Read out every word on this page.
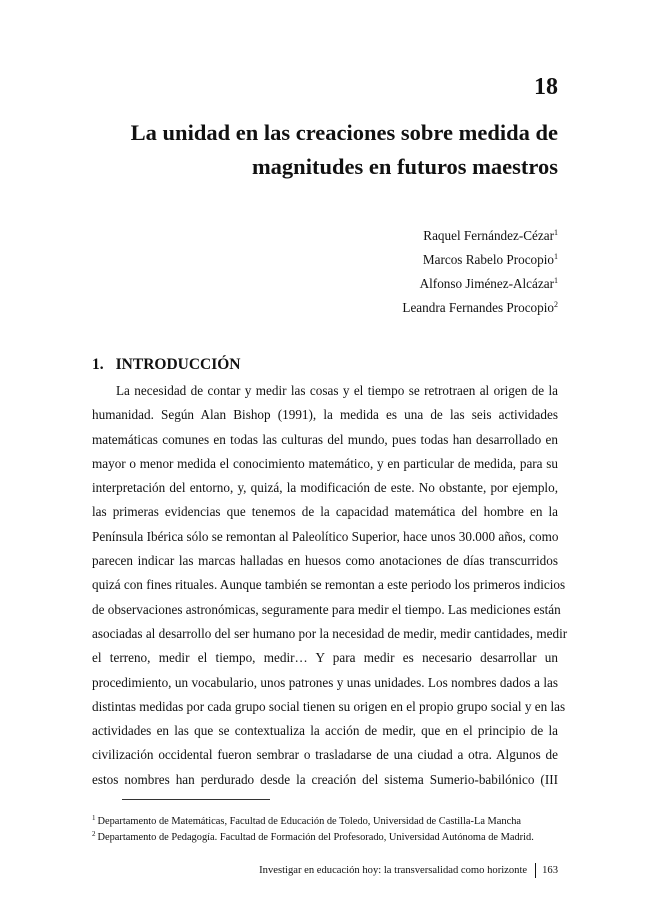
18
La unidad en las creaciones sobre medida de
magnitudes en futuros maestros
Raquel Fernández-Cézar$^1$
Marcos Rabelo Procopio$^1$
Alfonso Jiménez-Alcázar$^1$
Leandra Fernandes Procopio$^2$
1. INTRODUCCIÓN
La necesidad de contar y medir las cosas y el tiempo se retrotraen al origen de la
humanidad. Según Alan Bishop (1991), la medida es una de las seis actividades
matemáticas comunes en todas las culturas del mundo, pues todas han desarrollado en
mayor o menor medida el conocimiento matemático, y en particular de medida, para su
interpretación del entorno, y, quizá, la modificación de este. No obstante, por ejemplo,
las primeras evidencias que tenemos de la capacidad matemática del hombre en la
Península Ibérica sólo se remontan al Paleolítico Superior, hace unos 30.000 años, como
parecen indicar las marcas halladas en huesos como anotaciones de días transcurridos
quizá con fines rituales. Aunque también se remontan a este periodo los primeros indicios
de observaciones astronómicas, seguramente para medir el tiempo. Las mediciones están
asociadas al desarrollo del ser humano por la necesidad de medir, medir cantidades, medir
el terreno, medir el tiempo, medir… Y para medir es necesario desarrollar un
procedimiento, un vocabulario, unos patrones y unas unidades. Los nombres dados a las
distintas medidas por cada grupo social tienen su origen en el propio grupo social y en las
actividades en las que se contextualiza la acción de medir, que en el principio de la
civilización occidental fueron sembrar o trasladarse de una ciudad a otra. Algunos de
estos nombres han perdurado desde la creación del sistema Sumerio-babilónico (III
$^1$ Departamento de Matemáticas, Facultad de Educación de Toledo, Universidad de Castilla-La Mancha
$^2$ Departamento de Pedagogía. Facultad de Formación del Profesorado, Universidad Autónoma de Madrid.
Investigar en educación hoy: la transversalidad como horizonte 163
